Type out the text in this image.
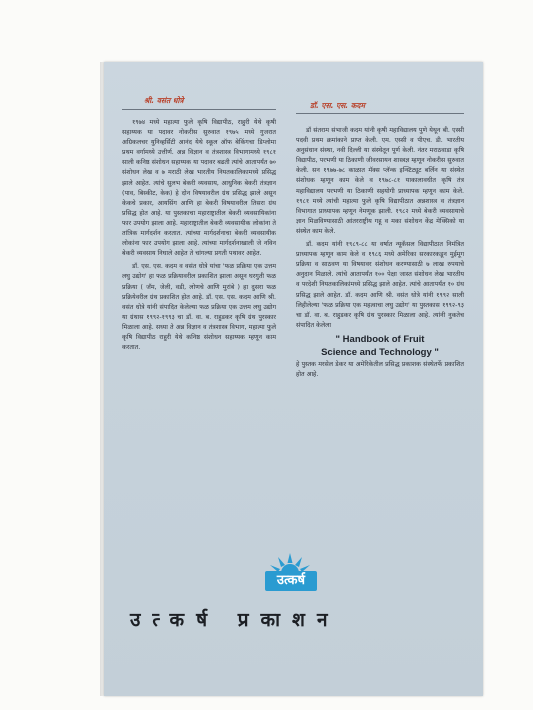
श्री. वसंत धोत्रे
डॉ. एस. एस. कदम

१९७४ मध्ये महात्मा फुले कृषि विद्यापीठ, राहुरी येथे कृषी सहाय्यक या पदावर नोकरीस सुरुवात १९७५ मध्ये गुजरात अग्रिकलचर युनिव्हर्सिटी आनंद येथे स्कूल ऑफ बेकिंगचा डिप्लोमा प्रथम वर्गामध्ये उत्तीर्ण. अन्न विज्ञान व तंत्रशास्त्र विभागामध्ये १९८१ साली कनिष्ठ संशोधन सहाय्यक या पदावर बढती त्यांचे आतापर्यंत ७० संशोधन लेख व ७ मराठी लेख भारतीय नियतकालिकामध्ये प्रसिद्ध झाले आहेत. त्यांचे सुलभ बेकरी व्यवसाय, आधुनिक बेकरी तंत्रज्ञान (पाव, बिस्कीट, केक) हे दोन विषयावरील ग्रंथ प्रसिद्ध झाले असून केकचे प्रकार, आयसिंग आणि हा बेकरी विषयावरील तिसरा ग्रंथ प्रसिद्ध होत आहे. या पुस्तकाचा महाराष्ट्रातील बेकरी व्यवसायिकांना फार उपयोग झाला आहे. महाराष्ट्रातील बेकरी व्यवसायीक लोकांना ते तांत्रिक मार्गदर्शन करतात. त्यांच्या मार्गदर्शनाचा बेकरी व्यवसायीक लोकांना फार उपयोग झाला आहे. त्यांच्या मार्गदर्शनाखाली जे नविन बेकरी व्यवसाय निघाले आहेत ते चांगल्या प्रगती पथावर आहेत.

डॉ. एस. एस. कदम व वसंत धोत्रे यांचा 'फळ प्रक्रिया एक उत्तम लघु उद्योग' हा फळ प्रक्रियावरील प्रकाशित झाला असून घरगुती फळ प्रक्रिया ( जॅम, जेली, वडी, लोणचे आणि मुरांबे ) हा दुसरा फळ प्रक्रियेवरील ग्रंथ प्रकाशित होत आहे. डॉ. एस. एस. कदम आणि श्री. वसंत धोत्रे यांनी संपादित केलेल्या फळ प्रक्रिया एक उत्तम लघु उद्योग या ग्रंथास १९९२-१९९३ चा डॉ. वा. ब. राहुडकर कृषि ग्रंथ पुरस्कार मिळाला आहे. सध्या ते अन्न विज्ञान व तंत्रशास्त्र विभाग, महात्मा फुले कृषि विद्यापीठ राहुरी येथे कनिष्ठ संशोधन सहाय्यक म्हणून काम करतात.

डॉ संतराम संभाजी कदम यांनी कृषी महाविद्यालय पुणे येथून बी. एस्सी पदवी प्रथम क्रमांकाने प्राप्त केली. एम. एस्सी व पीएच. डी. भारतीय अनुसंधान संस्था, नवी दिल्ली या संस्थेतून पूर्ण केली. नंतर मराठवाडा कृषि विद्यापीठ, परभणी या ठिकाणी जीवरसायन शास्त्रज्ञ म्हणून नोकरीस सुरुवात केली. सन १९७७-७८ काळात मॅक्स प्लॅन्क इन्स्टिट्यूट बर्लिन या संस्थेत संशोधक म्हणून काम केले व १९७८-८१ याकालावधीत कृषि तंत्र महाविद्यालय परभणी या ठिकाणी सहयोगी प्राध्यापक म्हणून काम केले. १९८१ मध्ये त्यांची महात्मा फुले कृषि विद्यापीठात अन्नशास्त्र व तंत्रज्ञान विभागात प्राध्यापक म्हणून नेमणूक झाली. १९८२ मध्ये बेकरी व्यवसायाचे ज्ञान मिळविण्यासाठी आंतरराष्ट्रीय गहू व मका संशोधन केंद्र मेक्सिको या संस्थेत काम केले.

डॉ. कदम यांनी १९८९-८८ या वर्षात न्यूकॅसल विद्यापीठात निमंत्रित प्राध्यापक म्हणून काम केले व १९८६ मध्ये अमेरिका सरकारकडून मुईमूग प्रक्रिया व साठवण या विषयावर संशोधन करण्यासाठी ७ लाख रुपयाचे अनुदान मिळाले. त्यांचे आतापर्यंत १०० पेक्षा जास्त संशोधन लेख भारतीय व परदेशी नियतकालिकांमध्ये प्रसिद्ध झाले आहेत. त्यांचे आतापर्यंत १० ग्रंथ प्रसिद्ध झाले आहेत. डॉ. कदम आणि श्री. वसंत धोत्रे यांनी १९९२ साली लिहीलेल्या 'फळ प्रक्रिया एक महत्वाचा लघु उद्योग' या पुस्तकास १९९२-९३ चा डॉ. वा. ब. राहुडकर कृषि ग्रंथ पुरस्कार मिळाला आहे. त्यांनी नुकतेच संपादित केलेला

" Handbook of Fruit
Science and Technology "

हे पुस्तक मरसेल डेकर या अमेरिकेतील प्रसिद्ध प्रकाशक संस्थेतर्फे प्रकाशित होत आहे.

उत्कर्ष
उत्कर्ष प्रकाशन
